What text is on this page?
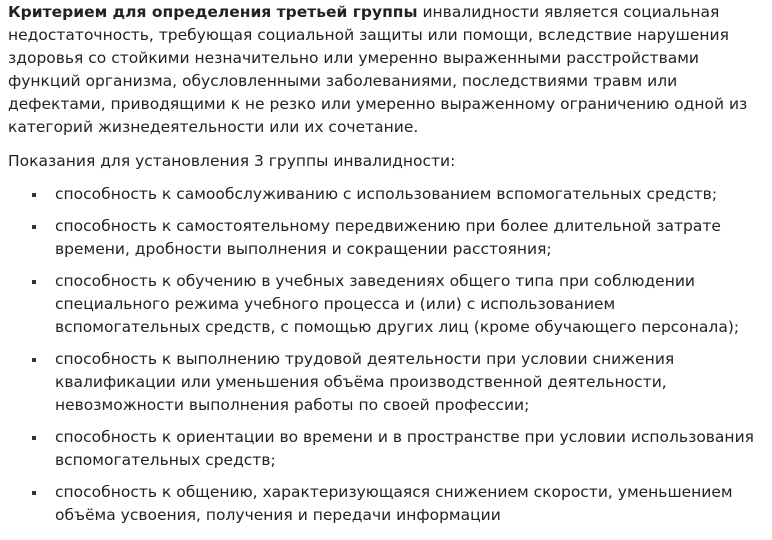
Критерием для определения третьей группы инвалидности является социальная недостаточность, требующая социальной защиты или помощи, вследствие нарушения здоровья со стойкими незначительно или умеренно выраженными расстройствами функций организма, обусловленными заболеваниями, последствиями травм или дефектами, приводящими к не резко или умеренно выраженному ограничению одной из категорий жизнедеятельности или их сочетание.

Показания для установления 3 группы инвалидности:

способность к самообслуживанию с использованием вспомогательных средств;
способность к самостоятельному передвижению при более длительной затрате времени, дробности выполнения и сокращении расстояния;
способность к обучению в учебных заведениях общего типа при соблюдении специального режима учебного процесса и (или) с использованием вспомогательных средств, с помощью других лиц (кроме обучающего персонала);
способность к выполнению трудовой деятельности при условии снижения квалификации или уменьшения объёма производственной деятельности, невозможности выполнения работы по своей профессии;
способность к ориентации во времени и в пространстве при условии использования вспомогательных средств;
способность к общению, характеризующаяся снижением скорости, уменьшением объёма усвоения, получения и передачи информации
